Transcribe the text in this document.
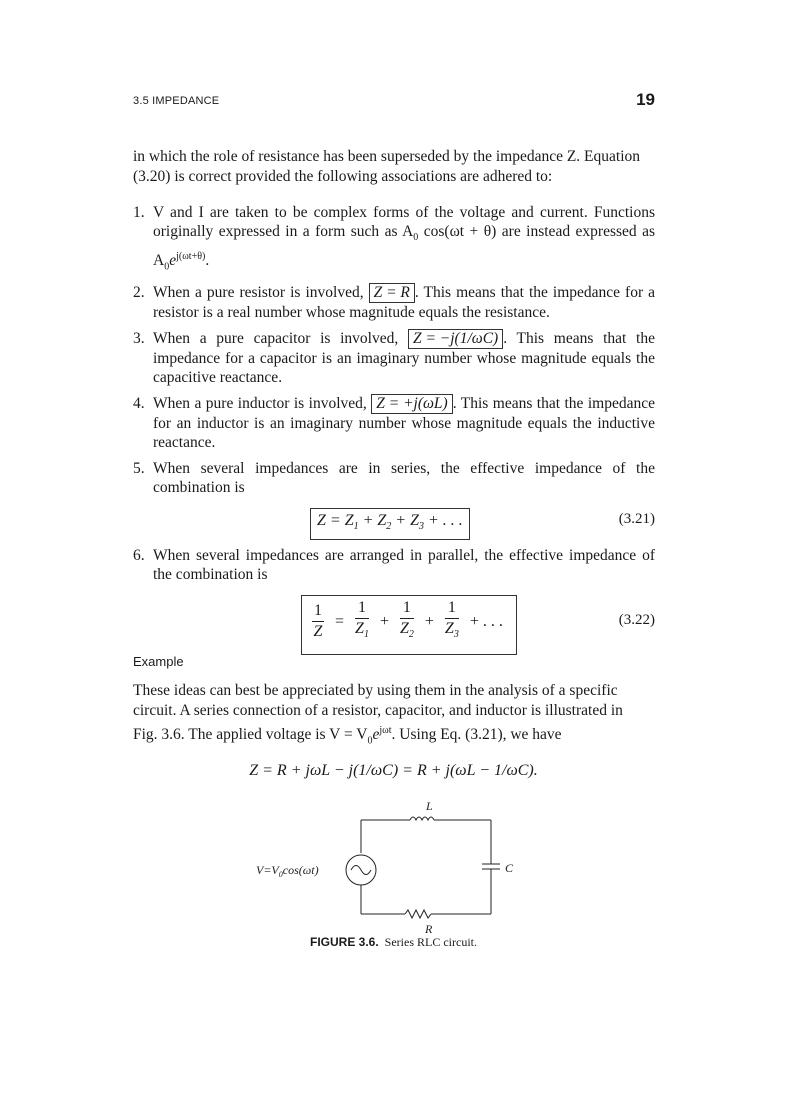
3.5 IMPEDANCE	19
in which the role of resistance has been superseded by the impedance Z. Equation
(3.20) is correct provided the following associations are adhered to:
1. V and I are taken to be complex forms of the voltage and current. Functions originally expressed in a form such as $A_0$ cos(ωt + θ) are instead expressed as $A_0e^{j(\omega t+\theta)}$.
2. When a pure resistor is involved, Z = R . This means that the impedance for a resistor is a real number whose magnitude equals the resistance.
3. When a pure capacitor is involved, Z = −j(1/ωC) . This means that the impedance for a capacitor is an imaginary number whose magnitude equals the capacitive reactance.
4. When a pure inductor is involved, Z = +j(ωL) . This means that the impedance for an inductor is an imaginary number whose magnitude equals the inductive reactance.
5. When several impedances are in series, the effective impedance of the combination is
$Z = Z_1 + Z_2 + Z_3$ + . . .	(3.21)
6. When several impedances are arranged in parallel, the effective impedance of the combination is
$\frac{1}{Z} = \frac{1}{Z_1} + \frac{1}{Z_2} + \frac{1}{Z_3}$ + . . .	(3.22)
Example
These ideas can best be appreciated by using them in the analysis of a specific
circuit. A series connection of a resistor, capacitor, and inductor is illustrated in
Fig. 3.6. The applied voltage is $V = V_0e^{j\omega t}$. Using Eq. (3.21), we have
Z = R + jωL − j(1/ωC) = R + j(ωL − 1/ωC).
L
R
C
$V=V_0\cos(\omega t)$
FIGURE 3.6. Series RLC circuit.
